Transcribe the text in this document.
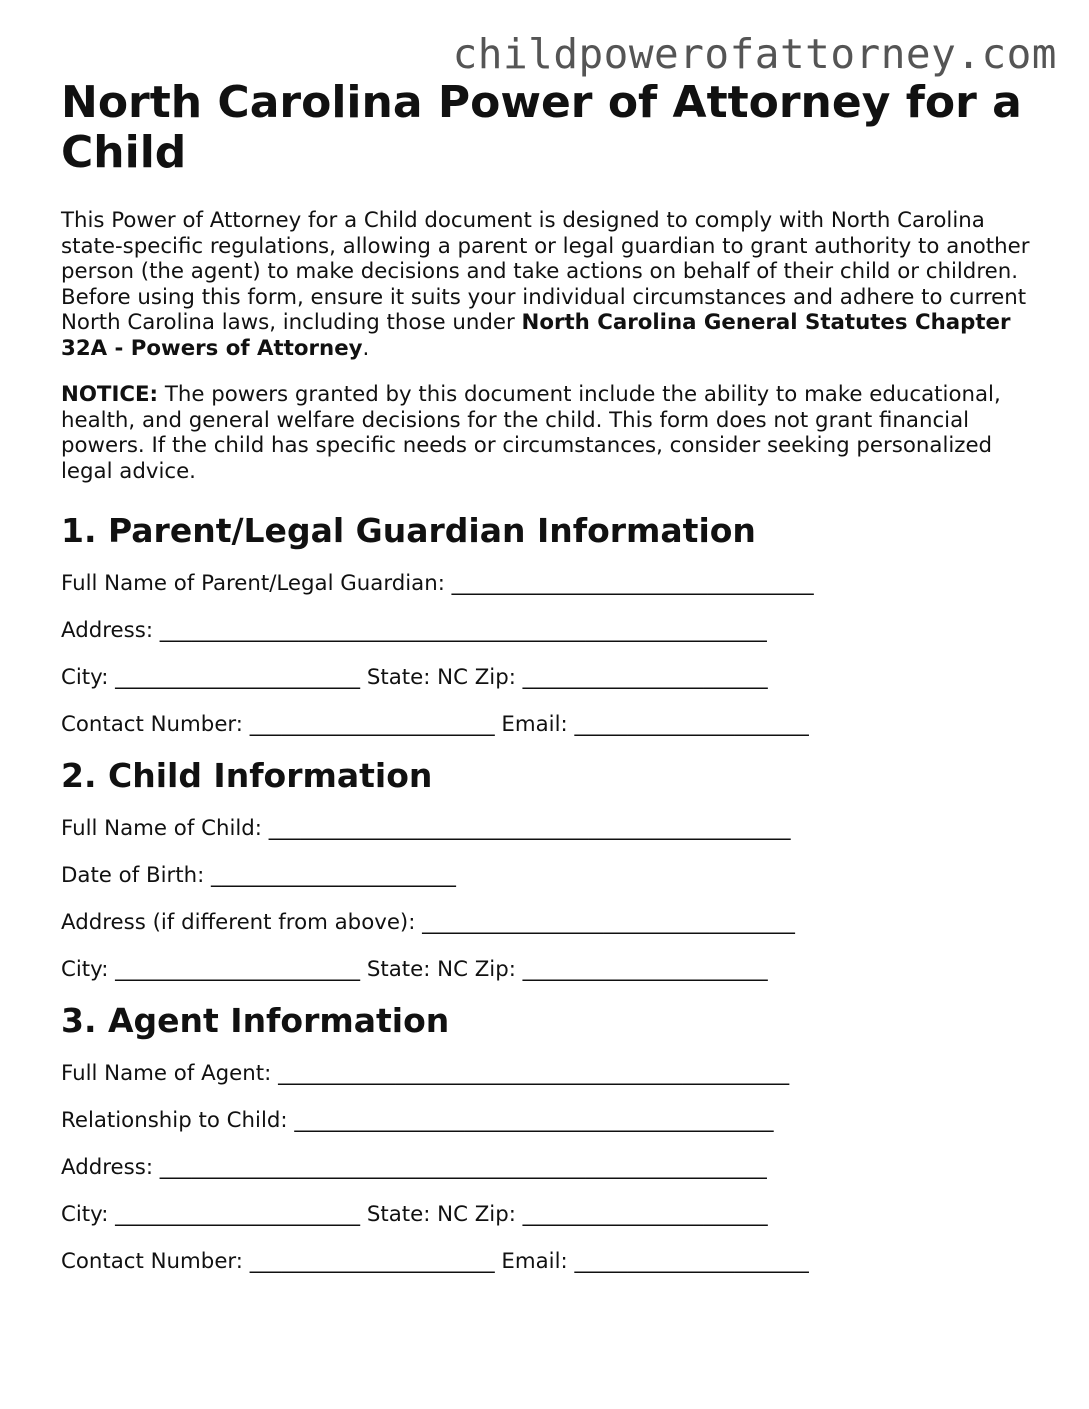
childpowerofattorney.com
North Carolina Power of Attorney for a Child

This Power of Attorney for a Child document is designed to comply with North Carolina state-specific regulations, allowing a parent or legal guardian to grant authority to another person (the agent) to make decisions and take actions on behalf of their child or children. Before using this form, ensure it suits your individual circumstances and adhere to current North Carolina laws, including those under North Carolina General Statutes Chapter 32A - Powers of Attorney.

NOTICE: The powers granted by this document include the ability to make educational, health, and general welfare decisions for the child. This form does not grant financial powers. If the child has specific needs or circumstances, consider seeking personalized legal advice.

1. Parent/Legal Guardian Information
Full Name of Parent/Legal Guardian: __________________________________
Address: _________________________________________________________
City: _______________________ State: NC Zip: _______________________
Contact Number: _______________________ Email: ______________________
2. Child Information
Full Name of Child: _________________________________________________
Date of Birth: _______________________
Address (if different from above): ___________________________________
City: _______________________ State: NC Zip: _______________________
3. Agent Information
Full Name of Agent: ________________________________________________
Relationship to Child: _____________________________________________
Address: _________________________________________________________
City: _______________________ State: NC Zip: _______________________
Contact Number: _______________________ Email: ______________________
